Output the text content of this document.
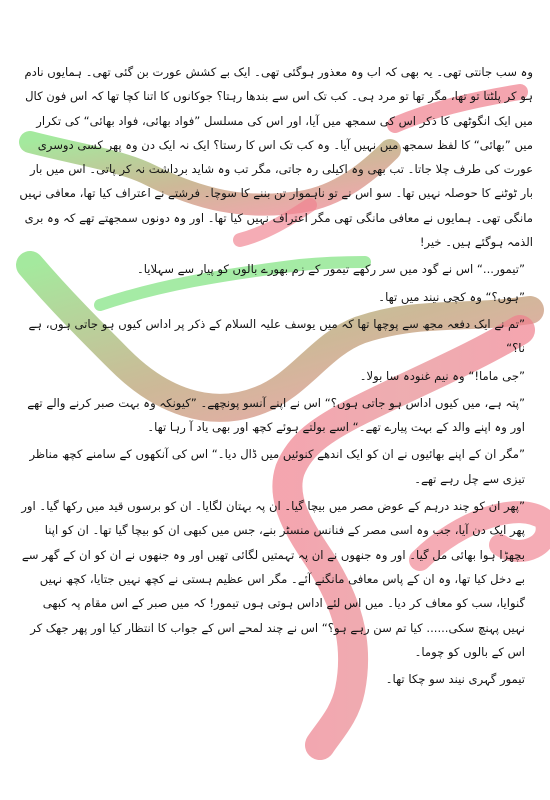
وہ سب جانتی تھی۔ یہ بھی کہ اب وہ معذور ہوگئی تھی۔ ایک بے کشش عورت بن گئی تھی۔ ہمایوں نادم ہو کر پلٹتا تو تھا، مگر تھا تو مرد ہی۔ کب تک اس سے بندھا رہتا؟ جوکانوں کا اتنا کچا تھا کہ اس فون کال میں ایک انگوٹھی کا ذکر اس کی سمجھ میں آیا، اور اس کی مسلسل ”فواد بھائی، فواد بھائی“ کی تکرار میں ”بھائی“ کا لفظ سمجھ میں نہیں آیا۔ وہ کب تک اس کا رستا؟ ایک نہ ایک دن وہ پھر کسی دوسری عورت کی طرف چلا جاتا۔ تب بھی وہ اکیلی رہ جاتی، مگر تب وہ شاید برداشت نہ کر پاتی۔ اس میں بار بار ٹوٹنے کا حوصلہ نہیں تھا۔ سو اس نے تو ناہموار تن بننے کا سوچا۔ فرشتے نے اعتراف کیا تھا، معافی نہیں مانگی تھی۔ ہمایوں نے معافی مانگی تھی مگر اعتراف نہیں کیا تھا۔ اور وہ دونوں سمجھتے تھے کہ وہ بری الذمہ ہوگئے ہیں۔ خیر!

”تیمور...“ اس نے گود میں سر رکھے تیمور کے زم بھورے بالوں کو پیار سے سہلایا۔

”ہوں؟“ وہ کچی نیند میں تھا۔

”تم نے ایک دفعہ مجھ سے پوچھا تھا کہ میں یوسف علیہ السلام کے ذکر پر اداس کیوں ہو جاتی ہوں، ہے نا؟“

”جی ماما!“ وہ نیم غنودہ سا بولا۔

”پتہ ہے، میں کیوں اداس ہو جاتی ہوں؟“ اس نے اپنے آنسو پونچھے۔ ”کیونکہ وہ بہت صبر کرنے والے تھے اور وہ اپنے والد کے بہت پیارے تھے۔“ اسے بولتے ہوئے کچھ اور بھی یاد آ رہا تھا۔

”مگر ان کے اپنے بھائیوں نے ان کو ایک اندھے کنوئیں میں ڈال دیا۔“ اس کی آنکھوں کے سامنے کچھ مناظر تیزی سے چل رہے تھے۔

”پھر ان کو چند درہم کے عوض مصر میں بیچا گیا۔ ان پہ بہتان لگایا۔ ان کو برسوں قید میں رکھا گیا۔ اور پھر ایک دن آیا، جب وہ اسی مصر کے فنانس منسٹر بنے، جس میں کبھی ان کو بیچا گیا تھا۔ ان کو اپنا بچھڑا ہوا بھائی مل گیا۔ اور وہ جنھوں نے ان پہ تہمتیں لگائی تھیں اور وہ جنھوں نے ان کو ان کے گھر سے بے دخل کیا تھا، وہ ان کے پاس معافی مانگنے آئے۔ مگر اس عظیم ہستی نے کچھ نہیں جتایا، کچھ نہیں گنوایا، سب کو معاف کر دیا۔ میں اس لئے اداس ہوتی ہوں تیمور! کہ میں صبر کے اس مقام پہ کبھی نہیں پہنچ سکی...... کیا تم سن رہے ہو؟“ اس نے چند لمحے اس کے جواب کا انتظار کیا اور پھر جھک کر اس کے بالوں کو چوما۔

تیمور گہری نیند سو چکا تھا۔
